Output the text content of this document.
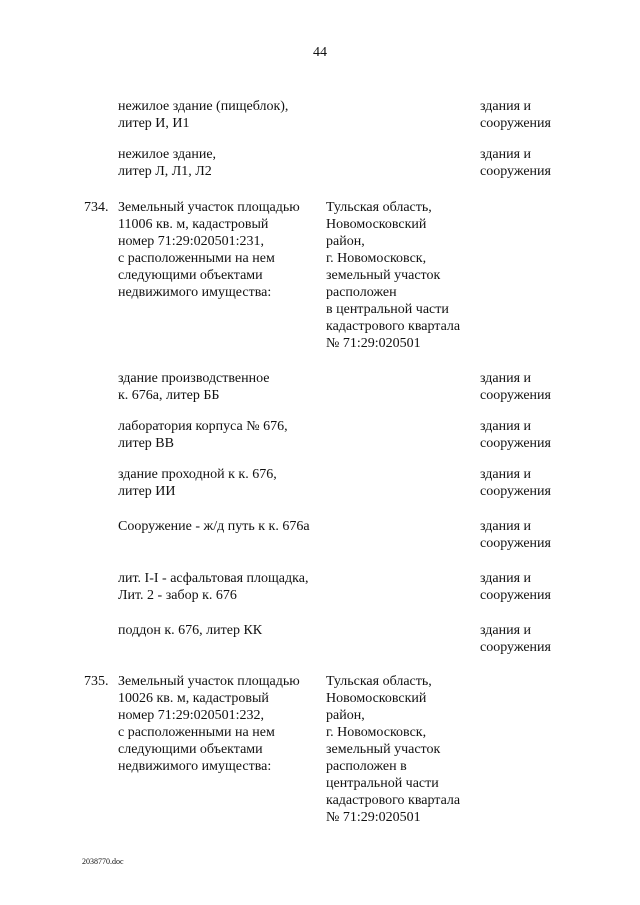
44
нежилое здание (пищеблок),
литер И, И1
здания и
сооружения
нежилое здание,
литер Л, Л1, Л2
здания и
сооружения
734. Земельный участок площадью
11006 кв. м, кадастровый
номер 71:29:020501:231,
с расположенными на нем
следующими объектами
недвижимого имущества:
Тульская область,
Новомосковский
район,
г. Новомосковск,
земельный участок
расположен
в центральной части
кадастрового квартала
№ 71:29:020501
здание производственное
к. 676а, литер ББ
здания и
сооружения
лаборатория корпуса № 676,
литер ВВ
здания и
сооружения
здание проходной к к. 676,
литер ИИ
здания и
сооружения
Сооружение - ж/д путь к к. 676а	здания и
сооружения
лит. I-I - асфальтовая площадка,
Лит. 2 - забор к. 676
здания и
сооружения
поддон к. 676, литер КК	здания и
сооружения
735. Земельный участок площадью
10026 кв. м, кадастровый
номер 71:29:020501:232,
с расположенными на нем
следующими объектами
недвижимого имущества:
Тульская область,
Новомосковский
район,
г. Новомосковск,
земельный участок
расположен в
центральной части
кадастрового квартала
№ 71:29:020501
2038770.doc
